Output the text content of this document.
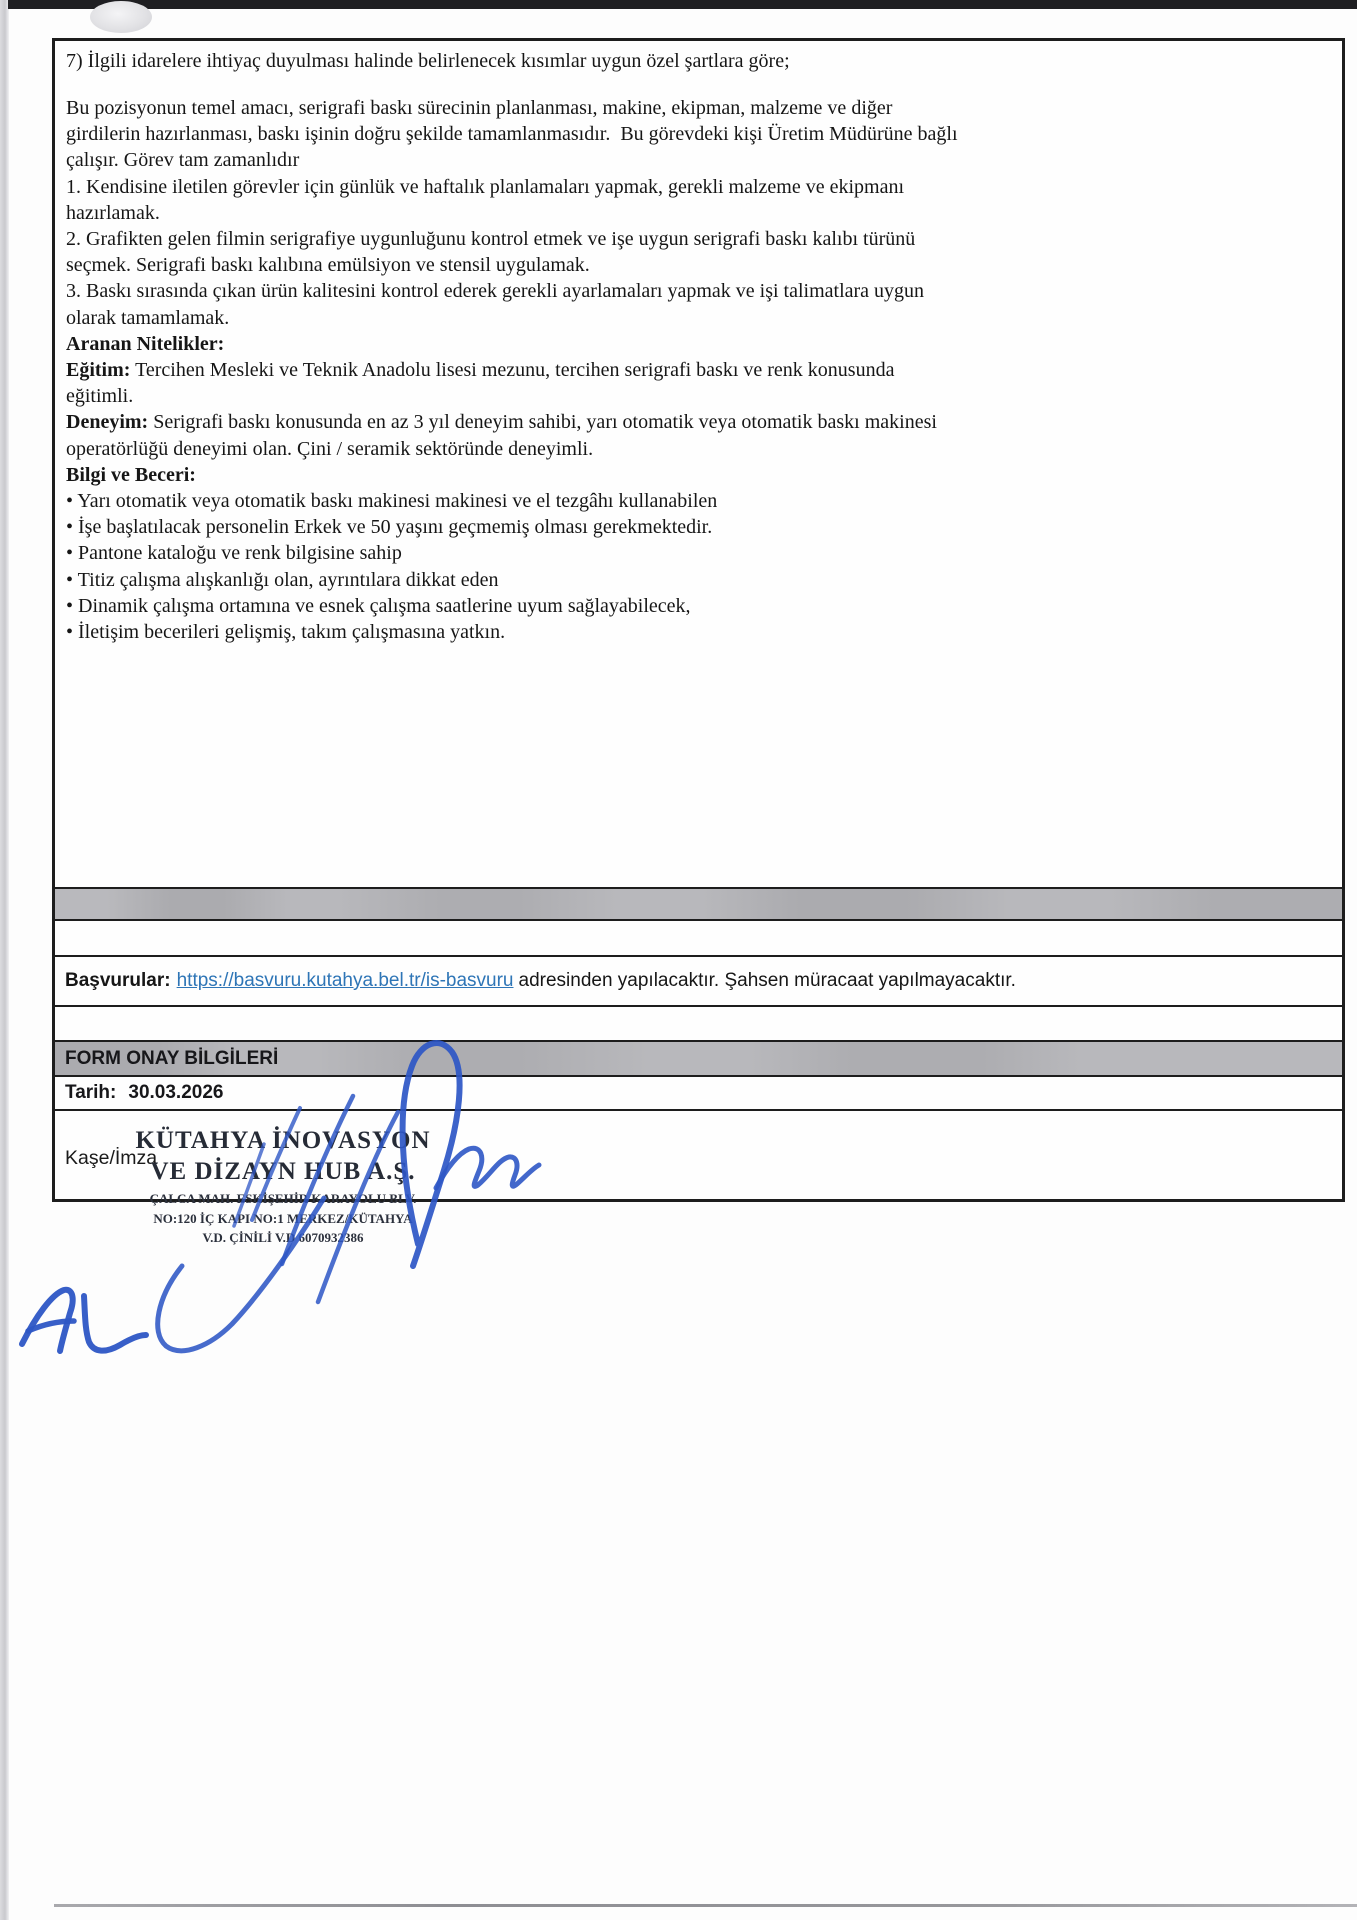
7) İlgili idarelere ihtiyaç duyulması halinde belirlenecek kısımlar uygun özel şartlara göre;
Bu pozisyonun temel amacı, serigrafi baskı sürecinin planlanması, makine, ekipman, malzeme ve diğer
girdilerin hazırlanması, baskı işinin doğru şekilde tamamlanmasıdır.  Bu görevdeki kişi Üretim Müdürüne bağlı
çalışır. Görev tam zamanlıdır
1. Kendisine iletilen görevler için günlük ve haftalık planlamaları yapmak, gerekli malzeme ve ekipmanı
hazırlamak.
2. Grafikten gelen filmin serigrafiye uygunluğunu kontrol etmek ve işe uygun serigrafi baskı kalıbı türünü
seçmek. Serigrafi baskı kalıbına emülsiyon ve stensil uygulamak.
3. Baskı sırasında çıkan ürün kalitesini kontrol ederek gerekli ayarlamaları yapmak ve işi talimatlara uygun
olarak tamamlamak.
Aranan Nitelikler:
Eğitim: Tercihen Mesleki ve Teknik Anadolu lisesi mezunu, tercihen serigrafi baskı ve renk konusunda
eğitimli.
Deneyim: Serigrafi baskı konusunda en az 3 yıl deneyim sahibi, yarı otomatik veya otomatik baskı makinesi
operatörlüğü deneyimi olan. Çini / seramik sektöründe deneyimli.
Bilgi ve Beceri:
• Yarı otomatik veya otomatik baskı makinesi makinesi ve el tezgâhı kullanabilen
• İşe başlatılacak personelin Erkek ve 50 yaşını geçmemiş olması gerekmektedir.
• Pantone kataloğu ve renk bilgisine sahip
• Titiz çalışma alışkanlığı olan, ayrıntılara dikkat eden
• Dinamik çalışma ortamına ve esnek çalışma saatlerine uyum sağlayabilecek,
• İletişim becerileri gelişmiş, takım çalışmasına yatkın.
Başvurular: https://basvuru.kutahya.bel.tr/is-basvuru adresinden yapılacaktır. Şahsen müracaat yapılmayacaktır.
FORM ONAY BİLGİLERİ
Tarih: 30.03.2026
Kaşe/İmza
KÜTAHYA İNOVASYON
VE DİZAYN HUB A.Ş.
ÇALCA MAH. ESKİŞEHİR KARAYOLU BLV.
NO:120 İÇ KAPI NO:1 MERKEZ/KÜTAHYA
V.D. ÇİNİLİ V.D 6070932386
